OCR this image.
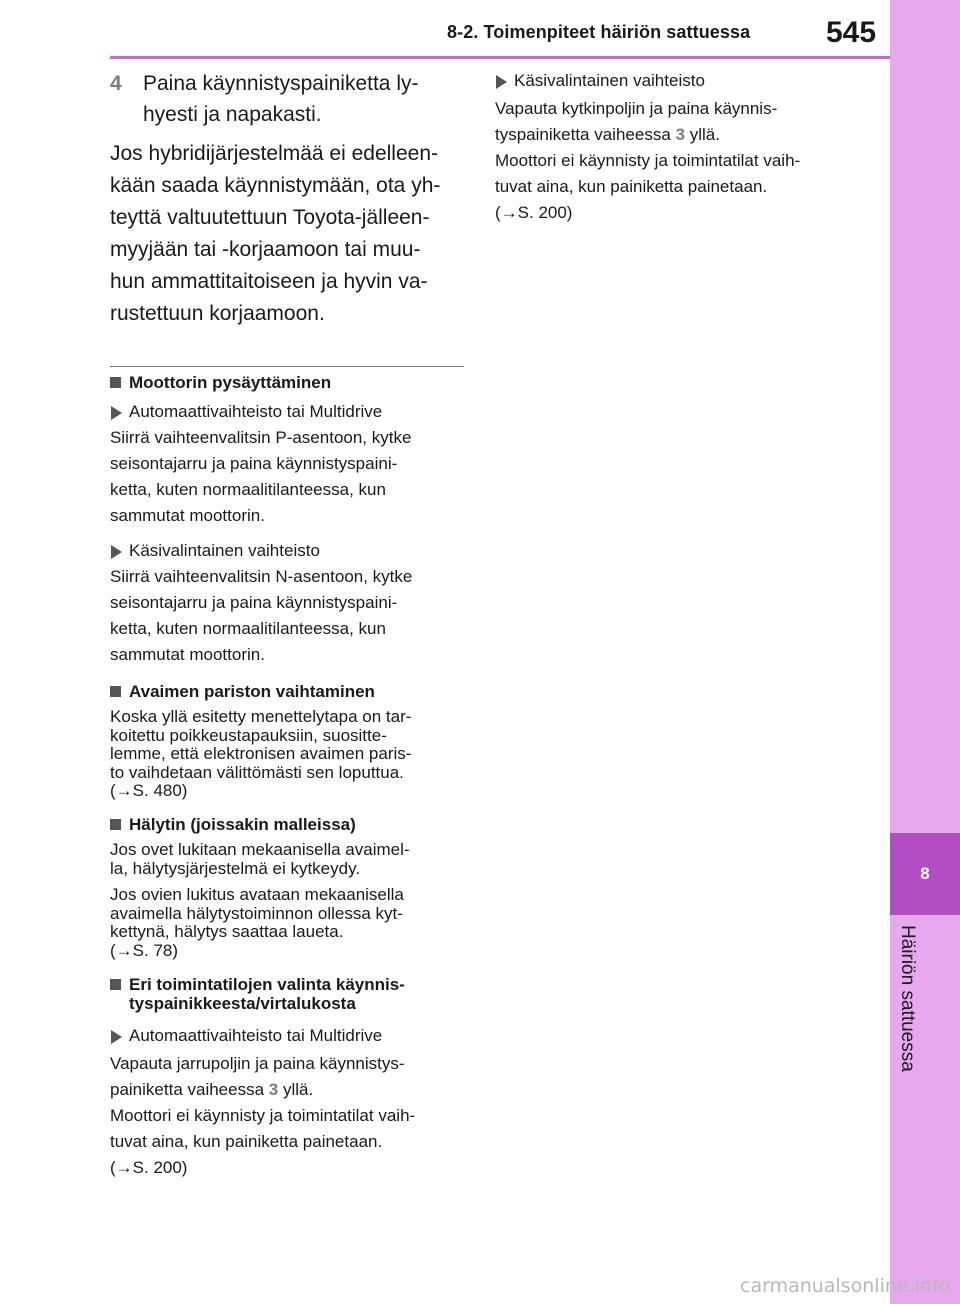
8-2. Toimenpiteet häiriön sattuessa	545
8
Häiriön sattuessa
4 Paina käynnistyspainiketta ly-
hyesti ja napakasti.

Jos hybridijärjestelmää ei edelleen-
kään saada käynnistymään, ota yh-
teyttä valtuutettuun Toyota-jälleen-
myyjään tai -korjaamoon tai muu-
hun ammattitaitoiseen ja hyvin va-
rustettuun korjaamoon.

Moottorin pysäyttäminen
Automaattivaihteisto tai Multidrive

Siirrä vaihteenvalitsin P-asentoon, kytke
seisontajarru ja paina käynnistyspaini-
ketta, kuten normaalitilanteessa, kun
sammutat moottorin.

Käsivalintainen vaihteisto

Siirrä vaihteenvalitsin N-asentoon, kytke
seisontajarru ja paina käynnistyspaini-
ketta, kuten normaalitilanteessa, kun
sammutat moottorin.

Avaimen pariston vaihtaminen

Koska yllä esitetty menettelytapa on tar-
koitettu poikkeustapauksiin, suositte-
lemme, että elektronisen avaimen paris-
to vaihdetaan välittömästi sen loputtua.
(→S. 480)

Hälytin (joissakin malleissa)

Jos ovet lukitaan mekaanisella avaimel-
la, hälytysjärjestelmä ei kytkeydy.

Jos ovien lukitus avataan mekaanisella
avaimella hälytystoiminnon ollessa kyt-
kettynä, hälytys saattaa laueta.
(→S. 78)

Eri toimintatilojen valinta käynnis-
tyspainikkeesta/virtalukosta
Automaattivaihteisto tai Multidrive

Vapauta jarrupoljin ja paina käynnistys-
painiketta vaiheessa 3 yllä.
Moottori ei käynnisty ja toimintatilat vaih-
tuvat aina, kun painiketta painetaan.
(→S. 200)

Käsivalintainen vaihteisto

Vapauta kytkinpoljin ja paina käynnis-
tyspainiketta vaiheessa 3 yllä.
Moottori ei käynnisty ja toimintatilat vaih-
tuvat aina, kun painiketta painetaan.
(→S. 200)

carmanualsonline.info
